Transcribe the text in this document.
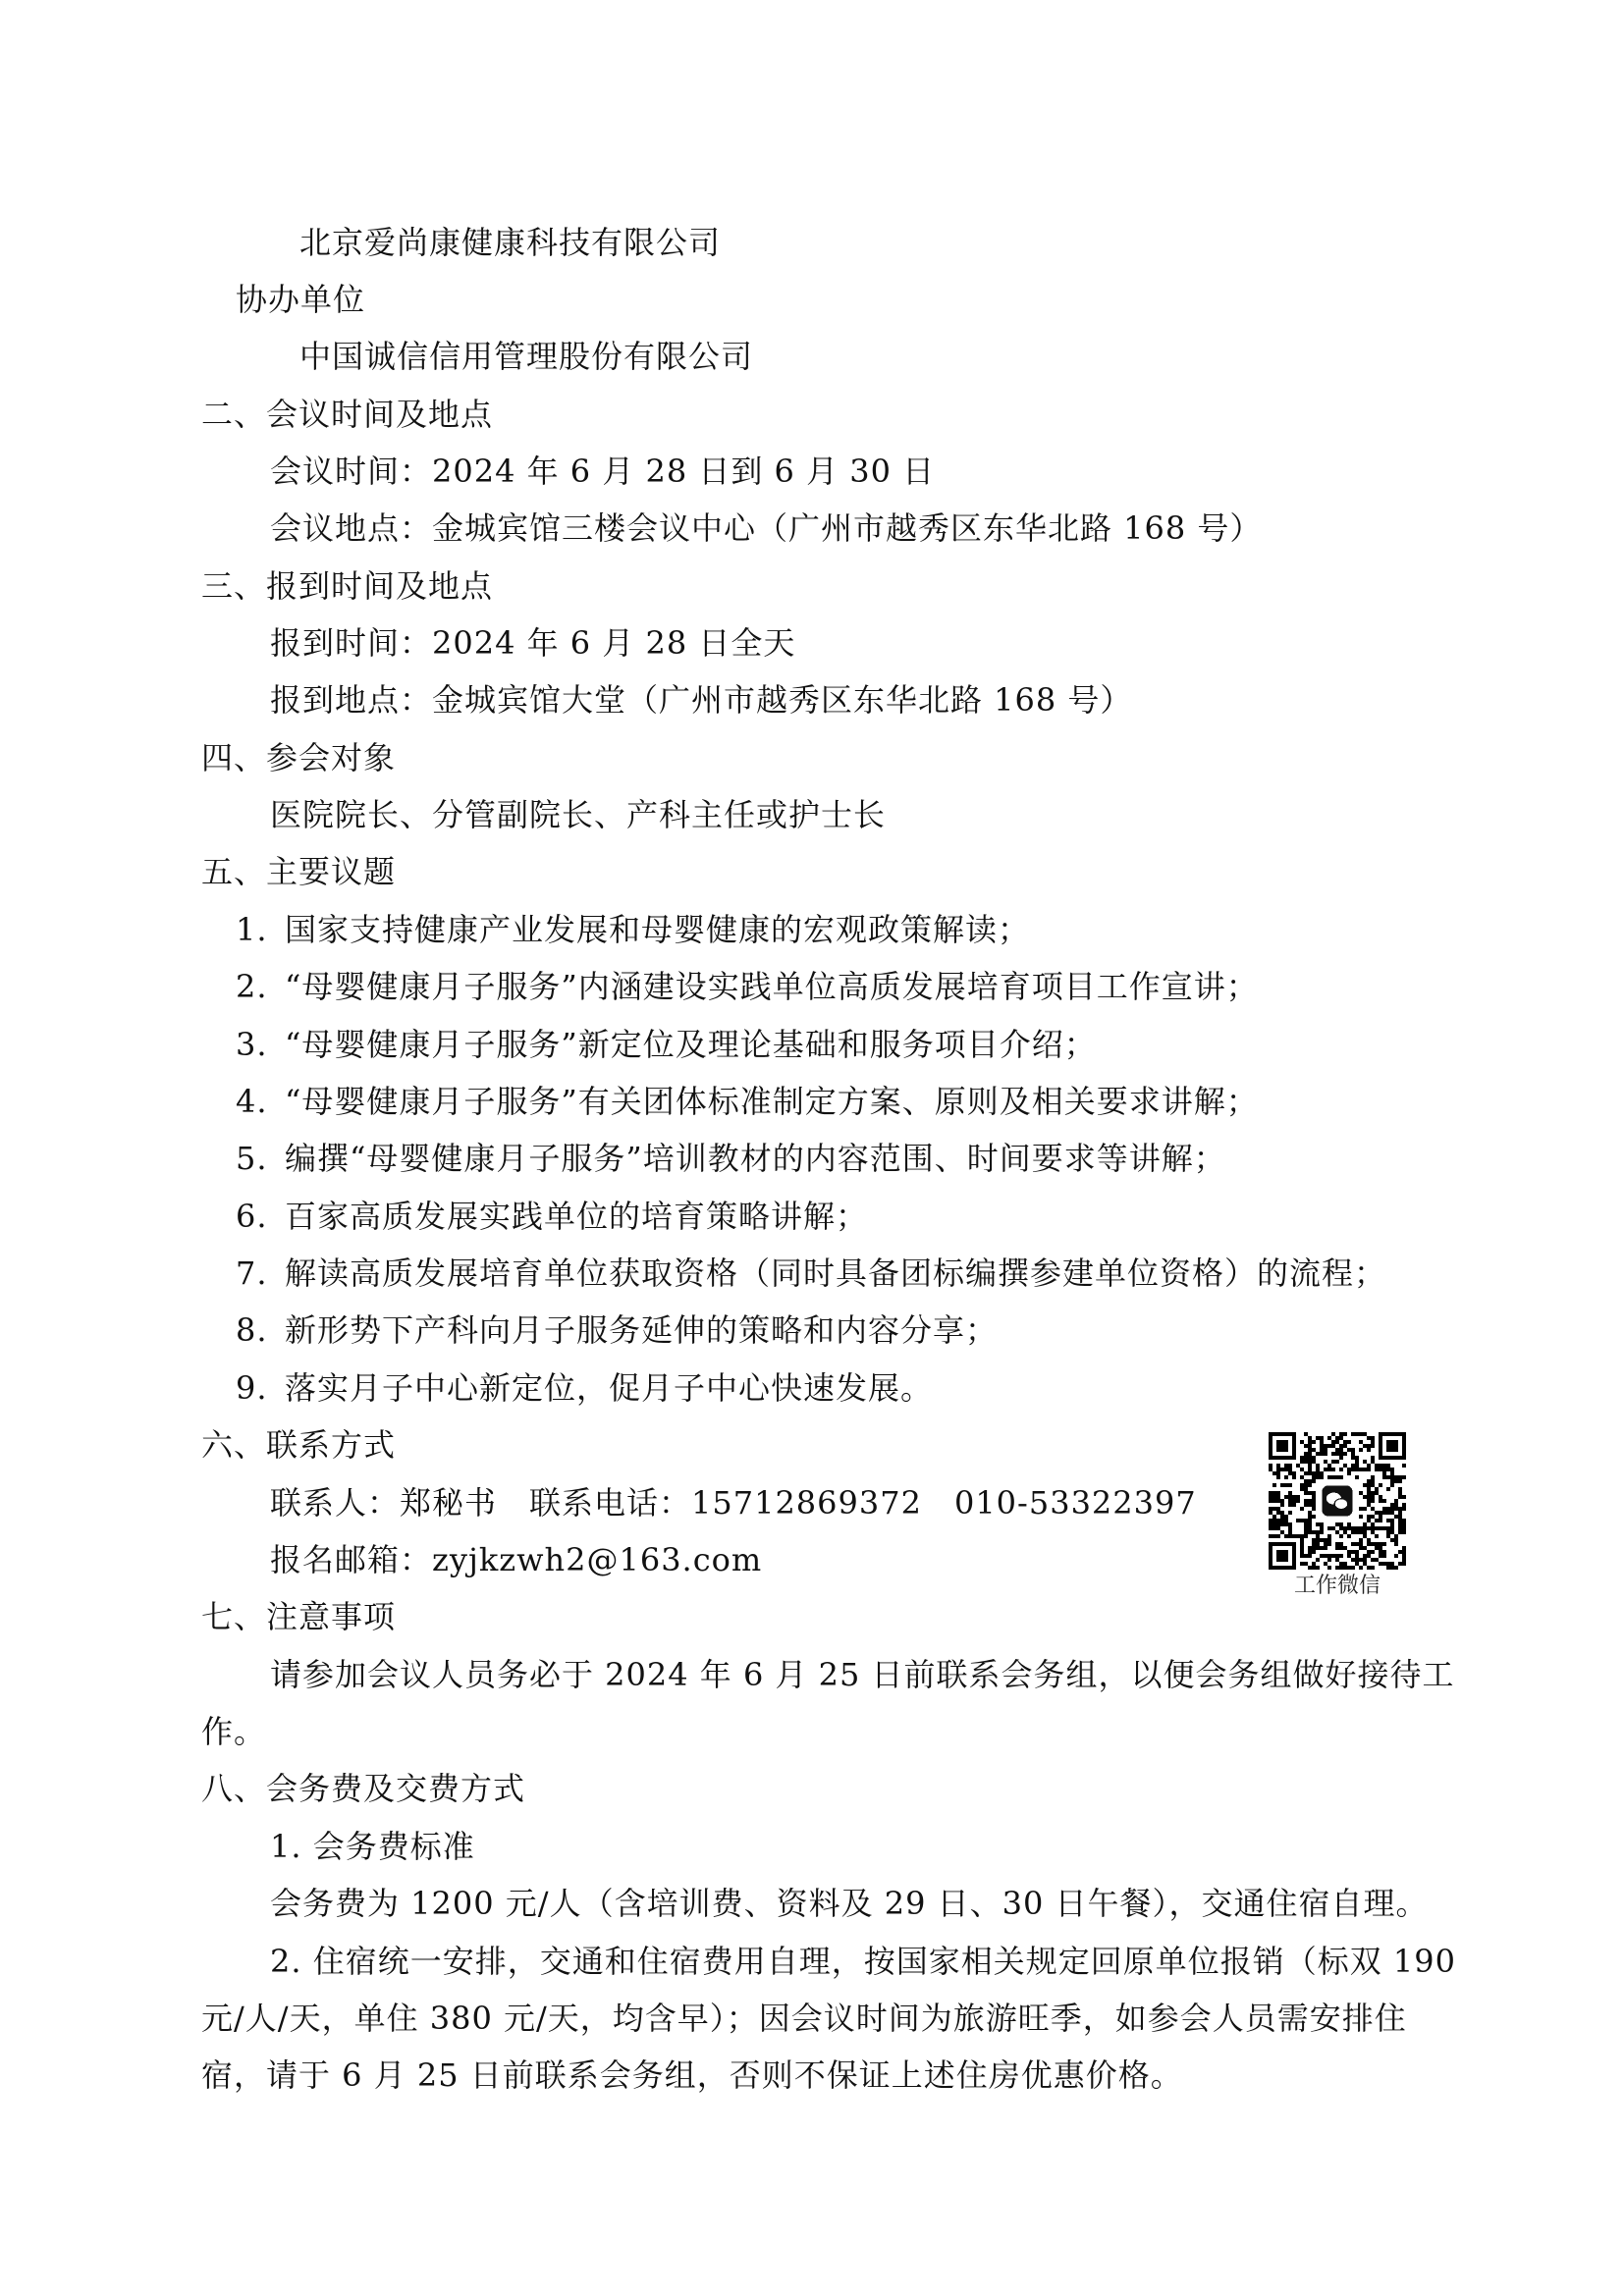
北京爱尚康健康科技有限公司
协办单位
中国诚信信用管理股份有限公司
二、会议时间及地点
会议时间：2024 年 6 月 28 日到 6 月 30 日
会议地点：金城宾馆三楼会议中心（广州市越秀区东华北路 168 号）
三、报到时间及地点
报到时间：2024 年 6 月 28 日全天
报到地点：金城宾馆大堂（广州市越秀区东华北路 168 号）
四、参会对象
医院院长、分管副院长、产科主任或护士长
五、主要议题
1. 国家支持健康产业发展和母婴健康的宏观政策解读；
2. “母婴健康月子服务”内涵建设实践单位高质发展培育项目工作宣讲；
3. “母婴健康月子服务”新定位及理论基础和服务项目介绍；
4. “母婴健康月子服务”有关团体标准制定方案、原则及相关要求讲解；
5. 编撰“母婴健康月子服务”培训教材的内容范围、时间要求等讲解；
6. 百家高质发展实践单位的培育策略讲解；
7. 解读高质发展培育单位获取资格（同时具备团标编撰参建单位资格）的流程；
8. 新形势下产科向月子服务延伸的策略和内容分享；
9. 落实月子中心新定位，促月子中心快速发展。
六、联系方式
联系人：郑秘书　联系电话：15712869372　010-53322397
报名邮箱：zyjkzwh2@163.com
工作微信
七、注意事项
请参加会议人员务必于 2024 年 6 月 25 日前联系会务组，以便会务组做好接待工
作。
八、会务费及交费方式
1. 会务费标准
会务费为 1200 元/人（含培训费、资料及 29 日、30 日午餐），交通住宿自理。
2. 住宿统一安排，交通和住宿费用自理，按国家相关规定回原单位报销（标双 190
元/人/天，单住 380 元/天，均含早）；因会议时间为旅游旺季，如参会人员需安排住
宿，请于 6 月 25 日前联系会务组，否则不保证上述住房优惠价格。
